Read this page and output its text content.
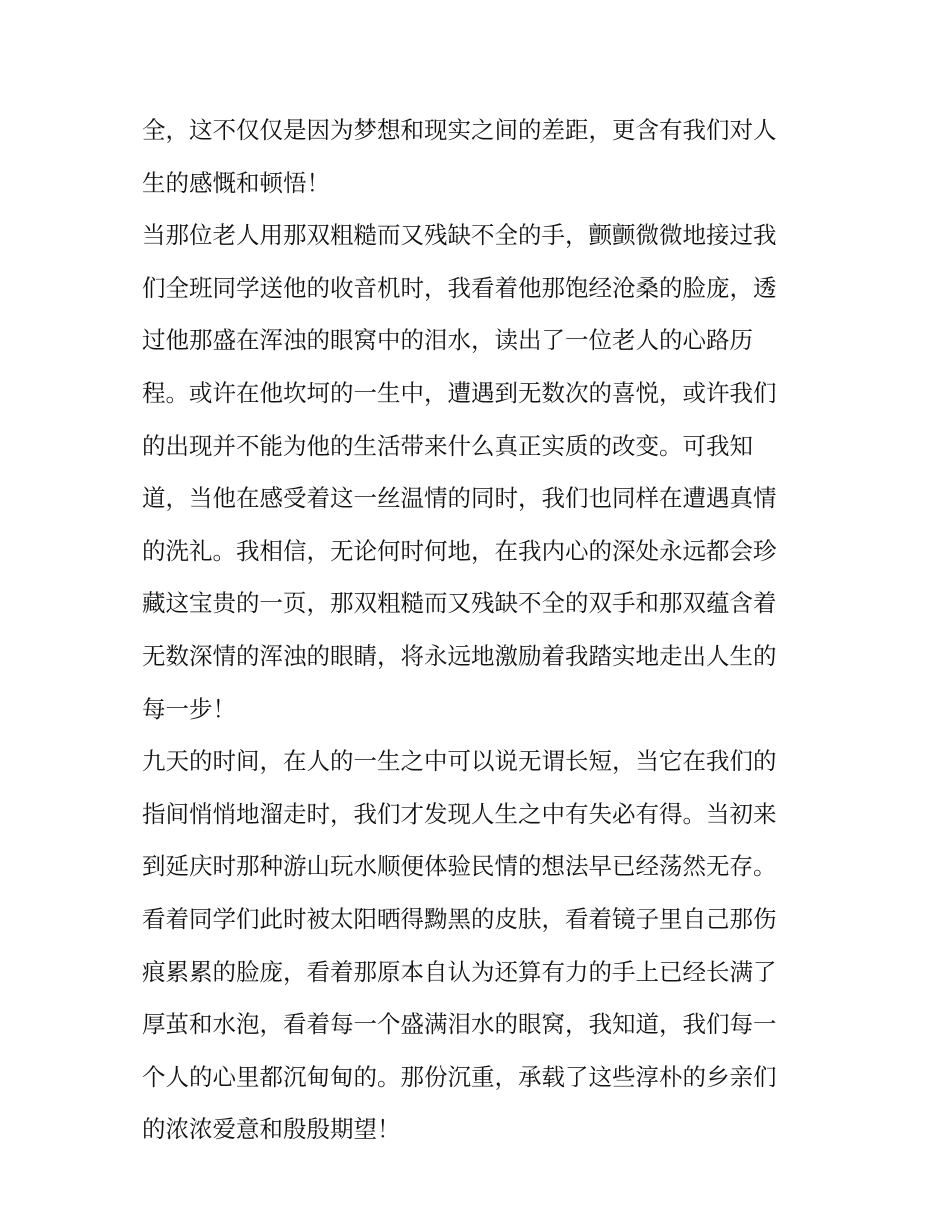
全，这不仅仅是因为梦想和现实之间的差距，更含有我们对人
生的感慨和顿悟！
当那位老人用那双粗糙而又残缺不全的手，颤颤微微地接过我
们全班同学送他的收音机时，我看着他那饱经沧桑的脸庞，透
过他那盛在浑浊的眼窝中的泪水，读出了一位老人的心路历
程。或许在他坎坷的一生中，遭遇到无数次的喜悦，或许我们
的出现并不能为他的生活带来什么真正实质的改变。可我知
道，当他在感受着这一丝温情的同时，我们也同样在遭遇真情
的洗礼。我相信，无论何时何地，在我内心的深处永远都会珍
藏这宝贵的一页，那双粗糙而又残缺不全的双手和那双蕴含着
无数深情的浑浊的眼睛，将永远地激励着我踏实地走出人生的
每一步！
九天的时间，在人的一生之中可以说无谓长短，当它在我们的
指间悄悄地溜走时，我们才发现人生之中有失必有得。当初来
到延庆时那种游山玩水顺便体验民情的想法早已经荡然无存。
看着同学们此时被太阳晒得黝黑的皮肤，看着镜子里自己那伤
痕累累的脸庞，看着那原本自认为还算有力的手上已经长满了
厚茧和水泡，看着每一个盛满泪水的眼窝，我知道，我们每一
个人的心里都沉甸甸的。那份沉重，承载了这些淳朴的乡亲们
的浓浓爱意和殷殷期望！
